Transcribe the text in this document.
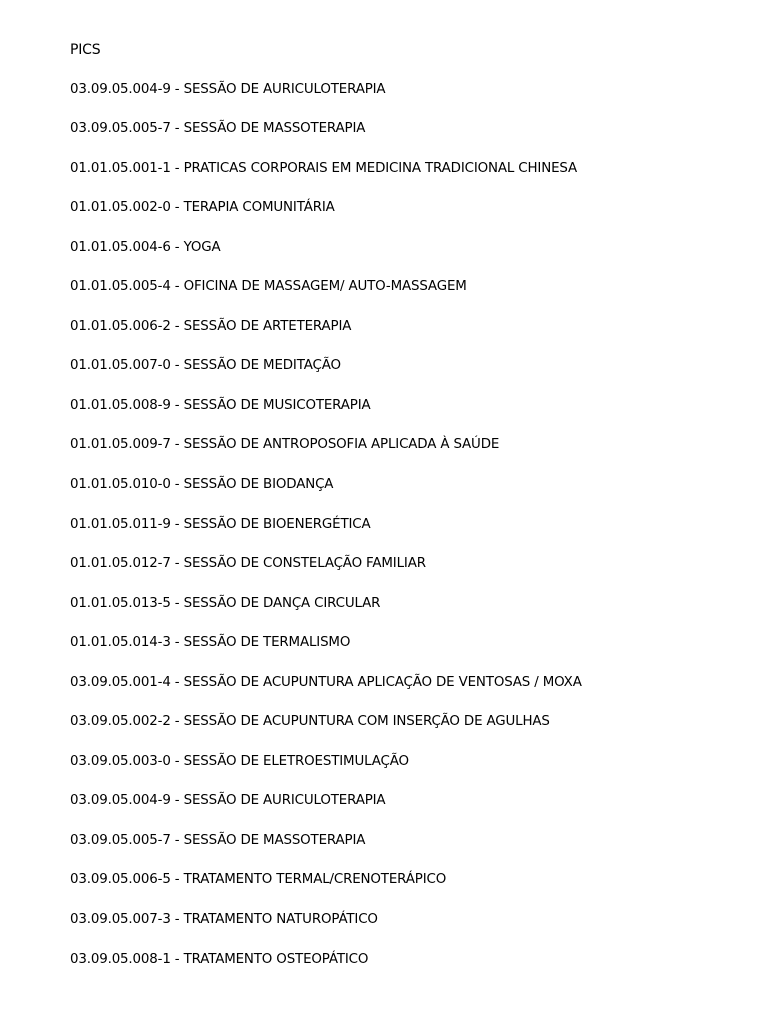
PICS
03.09.05.004-9 - SESSÃO DE AURICULOTERAPIA
03.09.05.005-7 - SESSÃO DE MASSOTERAPIA
01.01.05.001-1 - PRATICAS CORPORAIS EM MEDICINA TRADICIONAL CHINESA
01.01.05.002-0 - TERAPIA COMUNITÁRIA
01.01.05.004-6 - YOGA
01.01.05.005-4 - OFICINA DE MASSAGEM/ AUTO-MASSAGEM
01.01.05.006-2 - SESSÃO DE ARTETERAPIA
01.01.05.007-0 - SESSÃO DE MEDITAÇÃO
01.01.05.008-9 - SESSÃO DE MUSICOTERAPIA
01.01.05.009-7 - SESSÃO DE ANTROPOSOFIA APLICADA À SAÚDE
01.01.05.010-0 - SESSÃO DE BIODANÇA
01.01.05.011-9 - SESSÃO DE BIOENERGÉTICA
01.01.05.012-7 - SESSÃO DE CONSTELAÇÃO FAMILIAR
01.01.05.013-5 - SESSÃO DE DANÇA CIRCULAR
01.01.05.014-3 - SESSÃO DE TERMALISMO
03.09.05.001-4 - SESSÃO DE ACUPUNTURA APLICAÇÃO DE VENTOSAS / MOXA
03.09.05.002-2 - SESSÃO DE ACUPUNTURA COM INSERÇÃO DE AGULHAS
03.09.05.003-0 - SESSÃO DE ELETROESTIMULAÇÃO
03.09.05.004-9 - SESSÃO DE AURICULOTERAPIA
03.09.05.005-7 - SESSÃO DE MASSOTERAPIA
03.09.05.006-5 - TRATAMENTO TERMAL/CRENOTERÁPICO
03.09.05.007-3 - TRATAMENTO NATUROPÁTICO
03.09.05.008-1 - TRATAMENTO OSTEOPÁTICO
